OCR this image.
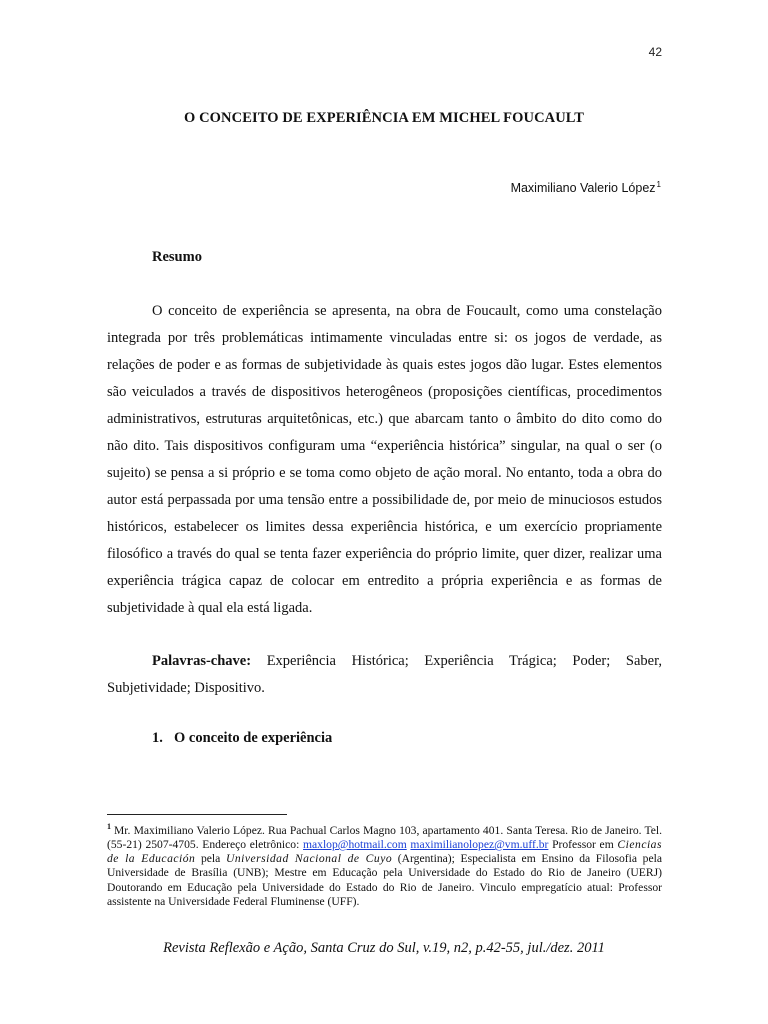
42
O CONCEITO DE EXPERIÊNCIA EM MICHEL FOUCAULT
Maximiliano Valerio López$^1$
Resumo

O conceito de experiência se apresenta, na obra de Foucault, como uma constelação integrada por três problemáticas intimamente vinculadas entre si: os jogos de verdade, as relações de poder e as formas de subjetividade às quais estes jogos dão lugar. Estes elementos são veiculados a través de dispositivos heterogêneos (proposições científicas, procedimentos administrativos, estruturas arquitetônicas, etc.) que abarcam tanto o âmbito do dito como do não dito. Tais dispositivos configuram uma “experiência histórica” singular, na qual o ser (o sujeito) se pensa a si próprio e se toma como objeto de ação moral. No entanto, toda a obra do autor está perpassada por uma tensão entre a possibilidade de, por meio de minuciosos estudos históricos, estabelecer os limites dessa experiência histórica, e um exercício propriamente filosófico a través do qual se tenta fazer experiência do próprio limite, quer dizer, realizar uma experiência trágica capaz de colocar em entredito a própria experiência e as formas de subjetividade à qual ela está ligada.

Palavras-chave: Experiência Histórica; Experiência Trágica; Poder; Saber, Subjetividade; Dispositivo.

1. O conceito de experiência

$^1$ Mr. Maximiliano Valerio López. Rua Pachual Carlos Magno 103, apartamento 401. Santa Teresa. Rio de Janeiro. Tel. (55-21) 2507-4705. Endereço eletrônico: maxlop@hotmail.com maximilianolopez@vm.uff.br Professor em Ciencias de la Educación pela Universidad Nacional de Cuyo (Argentina); Especialista em Ensino da Filosofia pela Universidade de Brasília (UNB); Mestre em Educação pela Universidade do Estado do Rio de Janeiro (UERJ) Doutorando em Educação pela Universidade do Estado do Rio de Janeiro. Vinculo empregatício atual: Professor assistente na Universidade Federal Fluminense (UFF).

Revista Reflexão e Ação, Santa Cruz do Sul, v.19, n2, p.42-55, jul./dez. 2011
